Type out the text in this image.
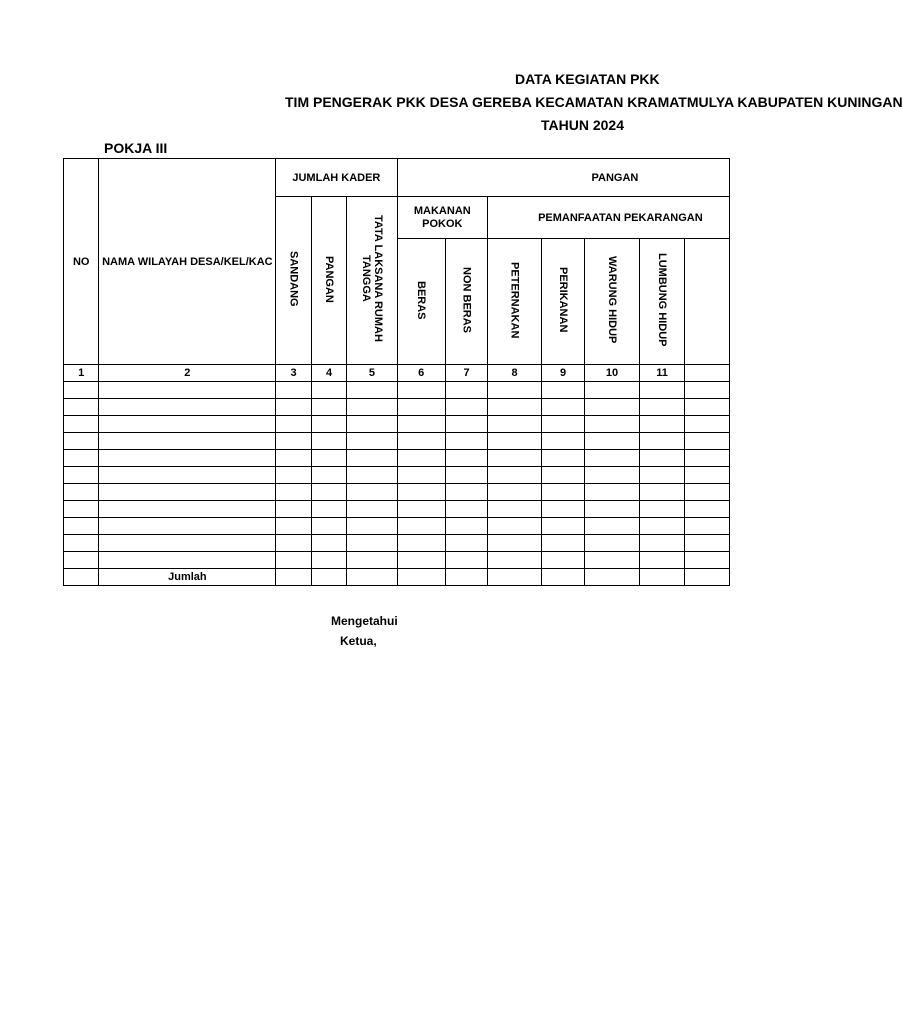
DATA KEGIATAN PKK
TIM PENGERAK PKK DESA GEREBA KECAMATAN KRAMATMULYA KABUPATEN KUNINGAN
TAHUN 2024
POKJA III
NO	NAMA WILAYAH DESA/KEL/KAC	JUMLAH KADER			PANGAN						
		SANDANG	PANGAN	TATA LAKSANA RUMAH TANGGA	MAKANAN POKOK		PEMANFAATAN PEKARANGAN				
					BERAS	NON BERAS	PETERNAKAN	PERIKANAN	WARUNG HIDUP	LUMBUNG HIDUP	
1	2	3	4	5	6	7	8	9	10	11	

	Jumlah										
Mengetahui
Ketua,
